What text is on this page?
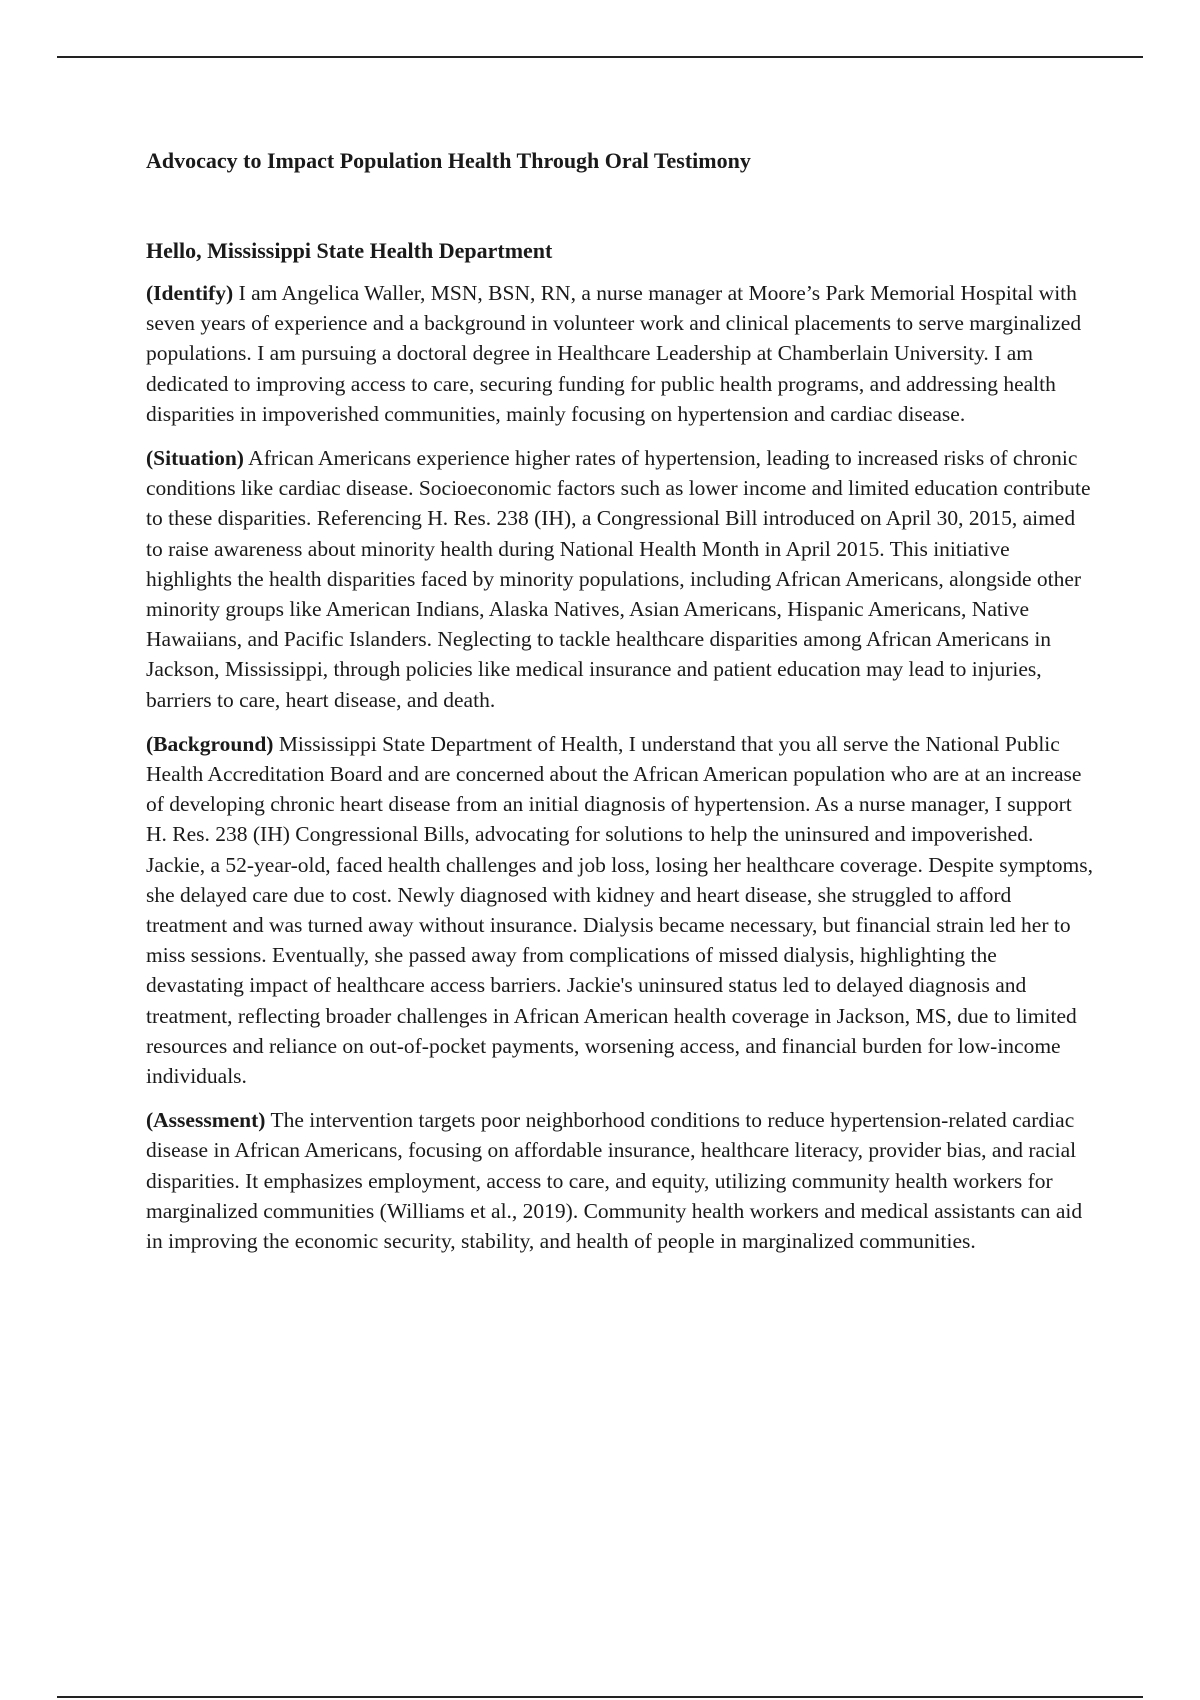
Advocacy to Impact Population Health Through Oral Testimony

Hello, Mississippi State Health Department

(Identify) I am Angelica Waller, MSN, BSN, RN, a nurse manager at Moore’s Park Memorial Hospital with seven years of experience and a background in volunteer work and clinical placements to serve marginalized populations. I am pursuing a doctoral degree in Healthcare Leadership at Chamberlain University. I am dedicated to improving access to care, securing funding for public health programs, and addressing health disparities in impoverished communities, mainly focusing on hypertension and cardiac disease.

(Situation) African Americans experience higher rates of hypertension, leading to increased risks of chronic conditions like cardiac disease. Socioeconomic factors such as lower income and limited education contribute to these disparities. Referencing H. Res. 238 (IH), a Congressional Bill introduced on April 30, 2015, aimed to raise awareness about minority health during National Health Month in April 2015. This initiative highlights the health disparities faced by minority populations, including African Americans, alongside other minority groups like American Indians, Alaska Natives, Asian Americans, Hispanic Americans, Native Hawaiians, and Pacific Islanders. Neglecting to tackle healthcare disparities among African Americans in Jackson, Mississippi, through policies like medical insurance and patient education may lead to injuries, barriers to care, heart disease, and death.

(Background) Mississippi State Department of Health, I understand that you all serve the National Public Health Accreditation Board and are concerned about the African American population who are at an increase of developing chronic heart disease from an initial diagnosis of hypertension. As a nurse manager, I support H. Res. 238 (IH) Congressional Bills, advocating for solutions to help the uninsured and impoverished. Jackie, a 52-year-old, faced health challenges and job loss, losing her healthcare coverage. Despite symptoms, she delayed care due to cost. Newly diagnosed with kidney and heart disease, she struggled to afford treatment and was turned away without insurance. Dialysis became necessary, but financial strain led her to miss sessions. Eventually, she passed away from complications of missed dialysis, highlighting the devastating impact of healthcare access barriers. Jackie's uninsured status led to delayed diagnosis and treatment, reflecting broader challenges in African American health coverage in Jackson, MS, due to limited resources and reliance on out-of-pocket payments, worsening access, and financial burden for low-income individuals.

(Assessment) The intervention targets poor neighborhood conditions to reduce hypertension-related cardiac disease in African Americans, focusing on affordable insurance, healthcare literacy, provider bias, and racial disparities. It emphasizes employment, access to care, and equity, utilizing community health workers for marginalized communities (Williams et al., 2019). Community health workers and medical assistants can aid in improving the economic security, stability, and health of people in marginalized communities.
